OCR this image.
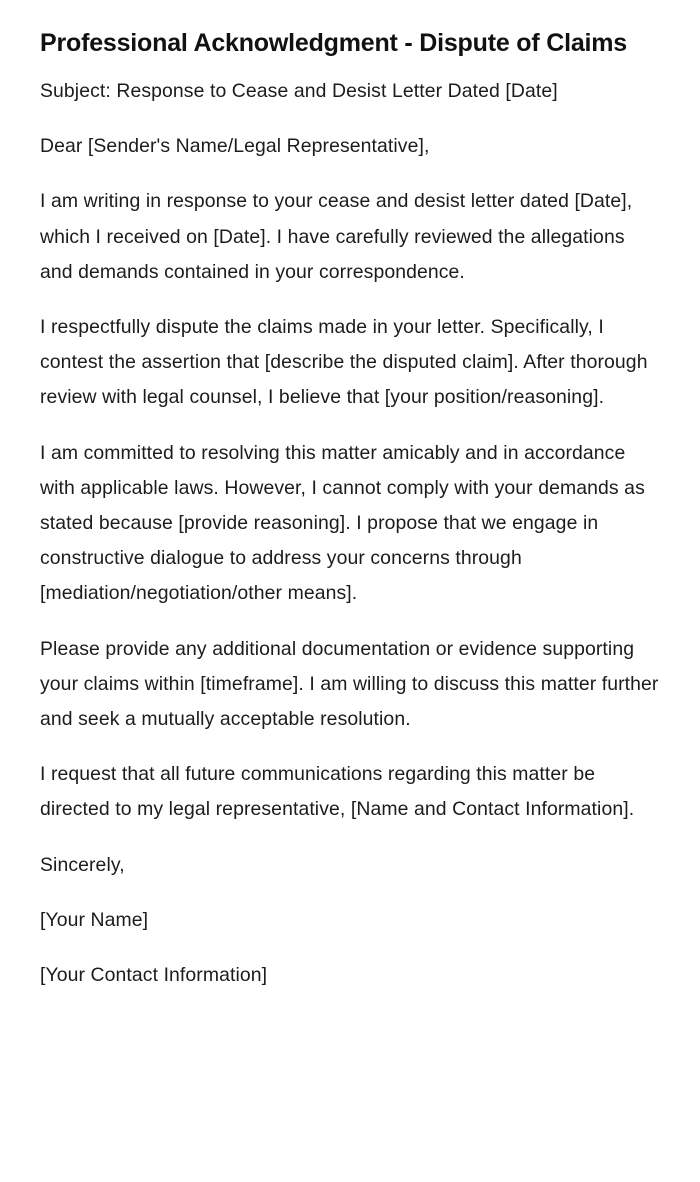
Professional Acknowledgment - Dispute of Claims

Subject: Response to Cease and Desist Letter Dated [Date]

Dear [Sender's Name/Legal Representative],

I am writing in response to your cease and desist letter dated [Date], which I received on [Date]. I have carefully reviewed the allegations and demands contained in your correspondence.

I respectfully dispute the claims made in your letter. Specifically, I contest the assertion that [describe the disputed claim]. After thorough review with legal counsel, I believe that [your position/reasoning].

I am committed to resolving this matter amicably and in accordance with applicable laws. However, I cannot comply with your demands as stated because [provide reasoning]. I propose that we engage in constructive dialogue to address your concerns through [mediation/negotiation/other means].

Please provide any additional documentation or evidence supporting your claims within [timeframe]. I am willing to discuss this matter further and seek a mutually acceptable resolution.

I request that all future communications regarding this matter be directed to my legal representative, [Name and Contact Information].

Sincerely,

[Your Name]

[Your Contact Information]
